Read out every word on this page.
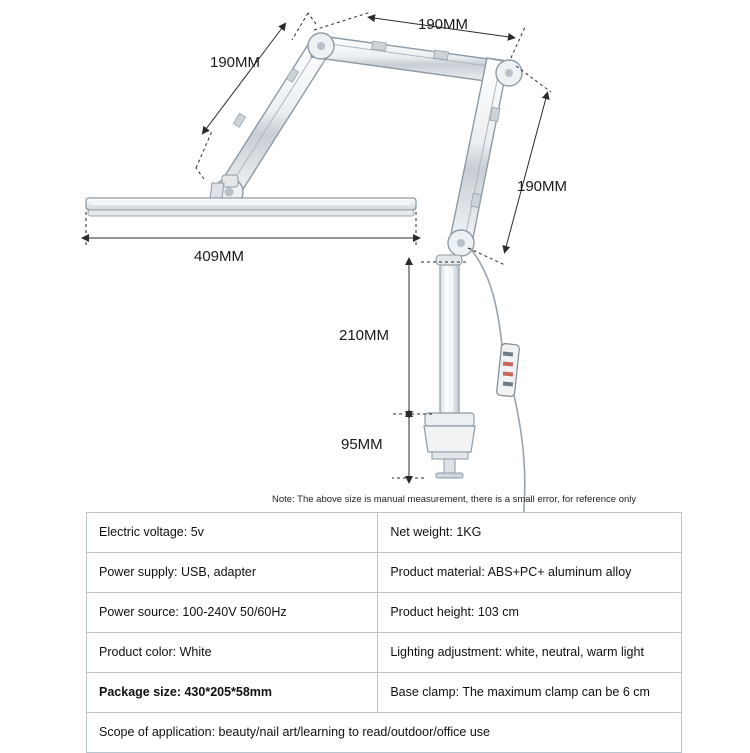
190MM
190MM
190MM
409MM
210MM
95MM
Note: The above size is manual measurement, there is a small error, for reference only
Electric voltage: 5v	Net weight: 1KG
Power supply: USB, adapter	Product material: ABS+PC+ aluminum alloy
Power source: 100-240V 50/60Hz	Product height: 103 cm
Product color: White	Lighting adjustment: white, neutral, warm light
Package size: 430*205*58mm	Base clamp: The maximum clamp can be 6 cm
Scope of application: beauty/nail art/learning to read/outdoor/office use	
